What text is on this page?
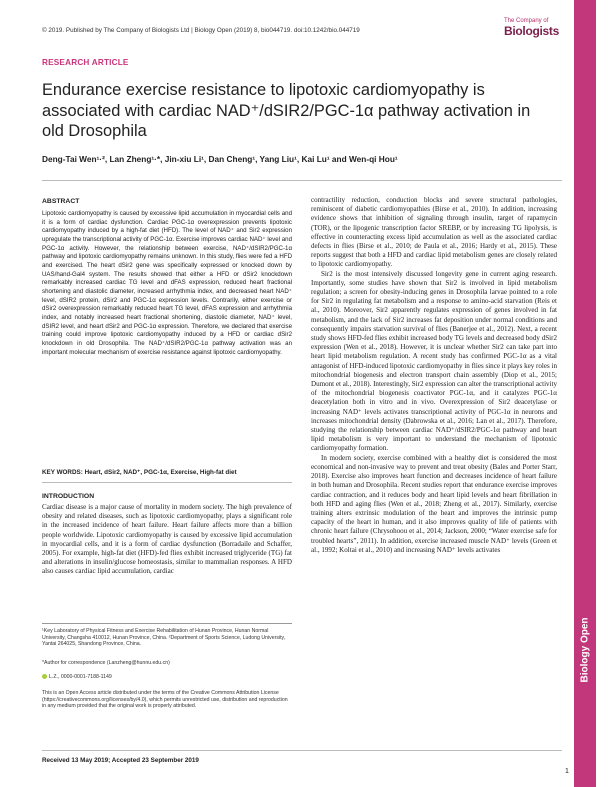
© 2019. Published by The Company of Biologists Ltd | Biology Open (2019) 8, bio044719. doi:10.1242/bio.044719
The Company of
Biologists
RESEARCH ARTICLE
Endurance exercise resistance to lipotoxic cardiomyopathy is associated with cardiac NAD⁺/dSIR2/PGC-1α pathway activation in old Drosophila
Deng-Tai Wen¹·², Lan Zheng¹·*, Jin-xiu Li¹, Dan Cheng¹, Yang Liu¹, Kai Lu¹ and Wen-qi Hou¹
ABSTRACT
Lipotoxic cardiomyopathy is caused by excessive lipid accumulation in myocardial cells and it is a form of cardiac dysfunction. Cardiac PGC-1α overexpression prevents lipotoxic cardiomyopathy induced by a high-fat diet (HFD). The level of NAD⁺ and Sir2 expression upregulate the transcriptional activity of PGC-1α. Exercise improves cardiac NAD⁺ level and PGC-1α activity. However, the relationship between exercise, NAD⁺/dSIR2/PGC-1α pathway and lipotoxic cardiomyopathy remains unknown. In this study, flies were fed a HFD and exercised. The heart dSir2 gene was specifically expressed or knocked down by UAS/hand-Gal4 system. The results showed that either a HFD or dSir2 knockdown remarkably increased cardiac TG level and dFAS expression, reduced heart fractional shortening and diastolic diameter, increased arrhythmia index, and decreased heart NAD⁺ level, dSIR2 protein, dSir2 and PGC-1α expression levels. Contrarily, either exercise or dSir2 overexpression remarkably reduced heart TG level, dFAS expression and arrhythmia index, and notably increased heart fractional shortening, diastolic diameter, NAD⁺ level, dSIR2 level, and heart dSir2 and PGC-1α expression. Therefore, we declared that exercise training could improve lipotoxic cardiomyopathy induced by a HFD or cardiac dSir2 knockdown in old Drosophila. The NAD⁺/dSIR2/PGC-1α pathway activation was an important molecular mechanism of exercise resistance against lipotoxic cardiomyopathy.
KEY WORDS: Heart, dSir2, NAD⁺, PGC-1α, Exercise, High-fat diet
INTRODUCTION
Cardiac disease is a major cause of mortality in modern society. The high prevalence of obesity and related diseases, such as lipotoxic cardiomyopathy, plays a significant role in the increased incidence of heart failure. Heart failure affects more than a billion people worldwide. Lipotoxic cardiomyopathy is caused by excessive lipid accumulation in myocardial cells, and it is a form of cardiac dysfunction (Borradaile and Schaffer, 2005). For example, high-fat diet (HFD)-fed flies exhibit increased triglyceride (TG) fat and alterations in insulin/glucose homeostasis, similar to mammalian responses. A HFD also causes cardiac lipid accumulation, cardiac
¹Key Laboratory of Physical Fitness and Exercise Rehabilitation of Hunan Province, Hunan Normal University, Changsha 410012, Hunan Province, China. ²Department of Sports Science, Ludong University, Yantai 264025, Shandong Province, China.
*Author for correspondence (Lanzheng@hunnu.edu.cn)
L.Z., 0000-0001-7188-1149
This is an Open Access article distributed under the terms of the Creative Commons Attribution License (https://creativecommons.org/licenses/by/4.0), which permits unrestricted use, distribution and reproduction in any medium provided that the original work is properly attributed.
Received 13 May 2019; Accepted 23 September 2019

contractility reduction, conduction blocks and severe structural pathologies, reminiscent of diabetic cardiomyopathies (Birse et al., 2010). In addition, increasing evidence shows that inhibition of signaling through insulin, target of rapamycin (TOR), or the lipogenic transcription factor SREBP, or by increasing TG lipolysis, is effective in counteracting excess lipid accumulation as well as the associated cardiac defects in flies (Birse et al., 2010; de Paula et al., 2016; Hardy et al., 2015). These reports suggest that both a HFD and cardiac lipid metabolism genes are closely related to lipotoxic cardiomyopathy.

Sir2 is the most intensively discussed longevity gene in current aging research. Importantly, some studies have shown that Sir2 is involved in lipid metabolism regulation; a screen for obesity-inducing genes in Drosophila larvae pointed to a role for Sir2 in regulating fat metabolism and a response to amino-acid starvation (Reis et al., 2010). Moreover, Sir2 apparently regulates expression of genes involved in fat metabolism, and the lack of Sir2 increases fat deposition under normal conditions and consequently impairs starvation survival of flies (Banerjee et al., 2012). Next, a recent study shows HFD-fed flies exhibit increased body TG levels and decreased body dSir2 expression (Wen et al., 2018). However, it is unclear whether Sir2 can take part into heart lipid metabolism regulation. A recent study has confirmed PGC-1α as a vital antagonist of HFD-induced lipotoxic cardiomyopathy in flies since it plays key roles in mitochondrial biogenesis and electron transport chain assembly (Diop et al., 2015; Dumont et al., 2018). Interestingly, Sir2 expression can alter the transcriptional activity of the mitochondrial biogenesis coactivator PGC-1α, and it catalyzes PGC-1α deacetylation both in vitro and in vivo. Overexpression of Sir2 deacetylase or increasing NAD⁺ levels activates transcriptional activity of PGC-1α in neurons and increases mitochondrial density (Dabrowska et al., 2016; Lan et al., 2017). Therefore, studying the relationship between cardiac NAD⁺/dSIR2/PGC-1α pathway and heart lipid metabolism is very important to understand the mechanism of lipotoxic cardiomyopathy formation.

In modern society, exercise combined with a healthy diet is considered the most economical and non-invasive way to prevent and treat obesity (Bales and Porter Starr, 2018). Exercise also improves heart function and decreases incidence of heart failure in both human and Drosophila. Recent studies report that endurance exercise improves cardiac contraction, and it reduces body and heart lipid levels and heart fibrillation in both HFD and aging flies (Wen et al., 2018; Zheng et al., 2017). Similarly, exercise training alters extrinsic modulation of the heart and improves the intrinsic pump capacity of the heart in human, and it also improves quality of life of patients with chronic heart failure (Chrysohoou et al., 2014; Jackson, 2000; “Water exercise safe for troubled hearts”, 2011). In addition, exercise increased muscle NAD⁺ levels (Green et al., 1992; Koltai et al., 2010) and increasing NAD⁺ levels activates

Biology Open
1
